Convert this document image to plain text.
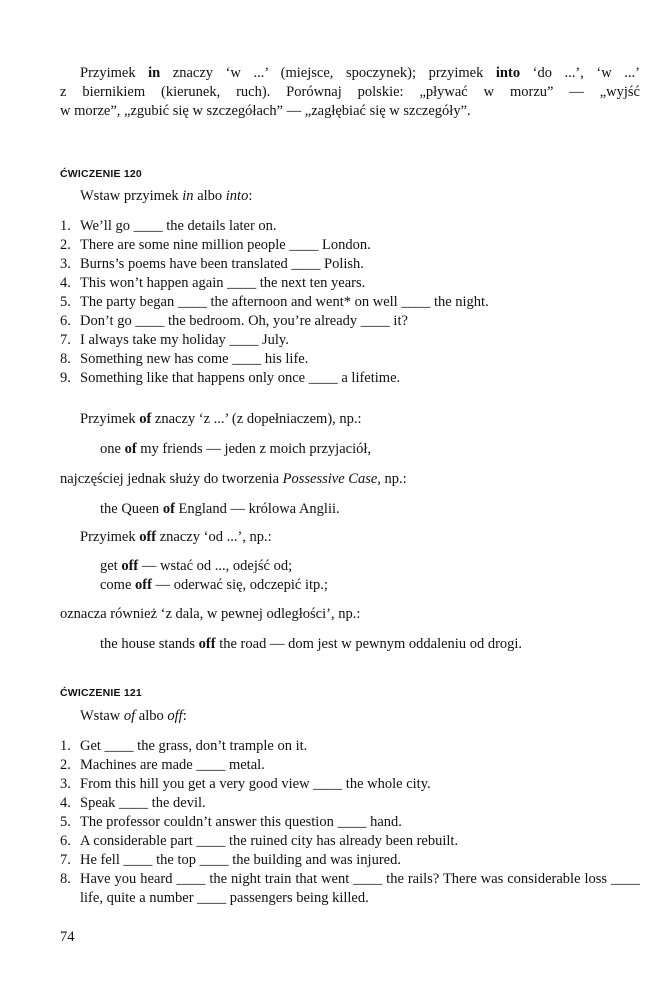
Przyimek in znaczy ‘w ...’ (miejsce, spoczynek); przyimek into ‘do ...’, ‘w ...’

z biernikiem (kierunek, ruch). Porównaj polskie: „pływać w morzu” — „wyjść

w morze”, „zgubić się w szczegółach” — „zagłębiać się w szczegóły”.

ĆWICZENIE 120
Wstaw przyimek in albo into:
1. We’ll go ____ the details later on.
2. There are some nine million people ____ London.
3. Burns’s poems have been translated ____ Polish.
4. This won’t happen again ____ the next ten years.
5. The party began ____ the afternoon and went* on well ____ the night.
6. Don’t go ____ the bedroom. Oh, you’re already ____ it?
7. I always take my holiday ____ July.
8. Something new has come ____ his life.
9. Something like that happens only once ____ a lifetime.
Przyimek of znaczy ‘z ...’ (z dopełniaczem), np.:
one of my friends — jeden z moich przyjaciół,
najczęściej jednak służy do tworzenia Possessive Case, np.:
the Queen of England — królowa Anglii.
Przyimek off znaczy ‘od ...’, np.:
get off — wstać od ..., odejść od;
come off — oderwać się, odczepić itp.;
oznacza również ‘z dala, w pewnej odległości’, np.:
the house stands off the road — dom jest w pewnym oddaleniu od drogi.
ĆWICZENIE 121
Wstaw of albo off:
1. Get ____ the grass, don’t trample on it.
2. Machines are made ____ metal.
3. From this hill you get a very good view ____ the whole city.
4. Speak ____ the devil.
5. The professor couldn’t answer this question ____ hand.
6. A considerable part ____ the ruined city has already been rebuilt.
7. He fell ____ the top ____ the building and was injured.
8. Have you heard ____ the night train that went ____ the rails? There was considerable loss ____ life, quite a number ____ passengers being killed.
74
